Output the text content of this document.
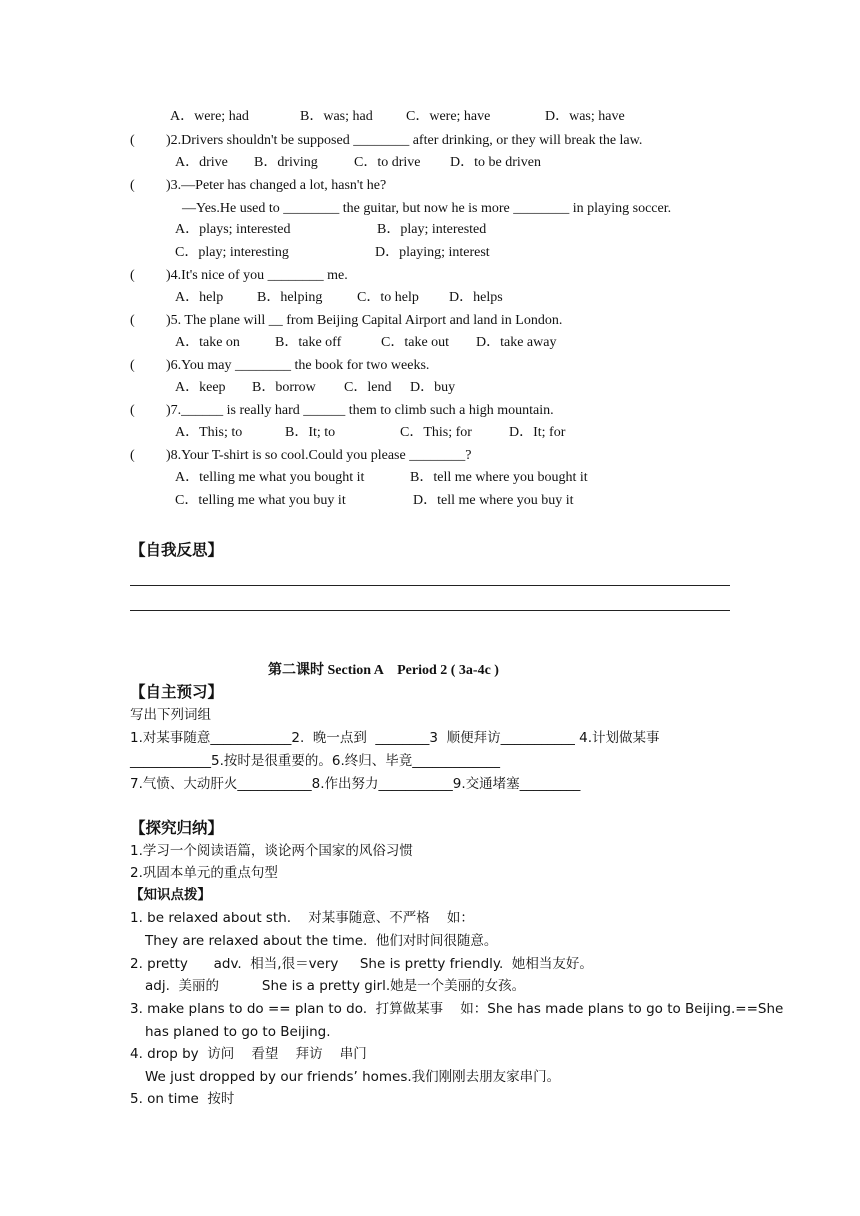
A．were; had	B．was; had C．were; have	D．was; have
( )2.Drivers shouldn't be supposed ________ after drinking, or they will break the law.
A．drive B．driving	C．to drive D．to be driven
( )3.—Peter has changed a lot, hasn't he?
—Yes.He used to ________ the guitar, but now he is more ________ in playing soccer.
A．plays; interested	B．play; interested
C．play; interesting	D．playing; interest
( )4.It's nice of you ________ me.
A．help B．helping C．to help D．helps
( )5. The plane will __ from Beijing Capital Airport and land in London.
A．take on	B．take off	C．take out D．take away
( )6.You may ________ the book for two weeks.
A．keep B．borrow C．lend D．buy
( )7.______ is really hard ______ them to climb such a high mountain.
A．This; to	B．It; to	C．This; for	D．It; for
( )8.Your T-shirt is so cool.Could you please ________?
A．telling me what you bought it	B．tell me where you bought it
C．telling me what you buy it	D．tell me where you buy it
【自我反思】
第二课时 Section A　Period 2 ( 3a-4c )
【自主预习】
写出下列词组
1.对某事随意____________2.  晚一点到  ________3  顺便拜访___________ 4.计划做某事
____________5.按时是很重要的。6.终归、毕竟_____________
7.气愤、大动肝火___________8.作出努力___________9.交通堵塞_________
【探究归纳】
1.学习一个阅读语篇，谈论两个国家的风俗习惯
2.巩固本单元的重点句型
【知识点拨】
1. be relaxed about sth.    对某事随意、不严格    如：
They are relaxed about the time.  他们对时间很随意。
2. pretty      adv.  相当,很＝very     She is pretty friendly.  她相当友好。
adj.  美丽的          She is a pretty girl.她是一个美丽的女孩。
3. make plans to do == plan to do.  打算做某事    如：She has made plans to go to Beijing.==She
has planed to go to Beijing.
4. drop by  访问    看望    拜访    串门
We just dropped by our friends’ homes.我们刚刚去朋友家串门。
5. on time  按时
